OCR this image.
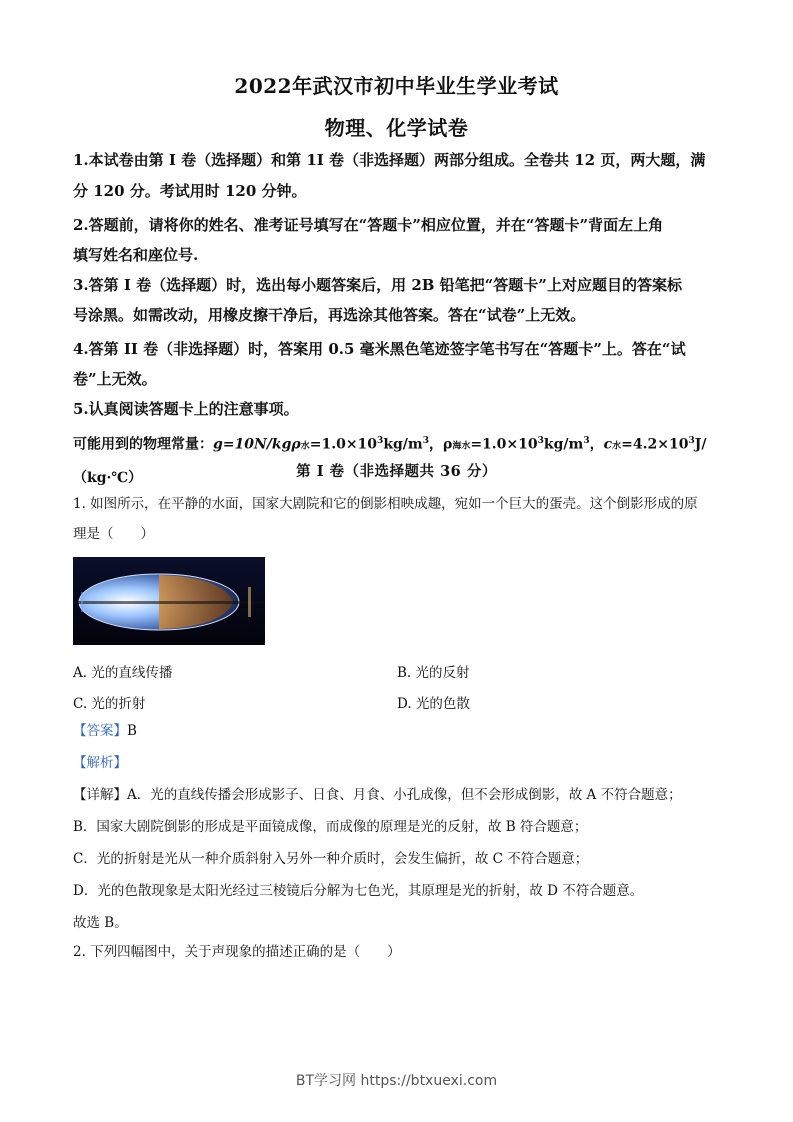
2022年武汉市初中毕业生学业考试
物理、化学试卷
1.本试卷由第 I 卷（选择题）和第 1I 卷（非选择题）两部分组成。全卷共 12 页，两大题，满
分 120 分。考试用时 120 分钟。
2.答题前，请将你的姓名、准考证号填写在“答题卡”相应位置，并在“答题卡”背面左上角
填写姓名和座位号.
3.答第 I 卷（选择题）时，选出每小题答案后，用 2B 铅笔把“答题卡”上对应题目的答案标
号涂黑。如需改动，用橡皮擦干净后，再选涂其他答案。答在“试卷”上无效。
4.答第 II 卷（非选择题）时，答案用 0.5 毫米黑色笔迹签字笔书写在“答题卡”上。答在“试
卷”上无效。
5.认真阅读答题卡上的注意事项。
可能用到的物理常量：g=10N/kgρ水$=1.0\times 10^3kg/m^3$，ρ海水$=1.0\times 10^3kg/m^3$，c水$=4.2\times 10^3J/(kg\cdot℃)$	第 I 卷（非选择题共 36 分）
1. 如图所示，在平静的水面，国家大剧院和它的倒影相映成趣，宛如一个巨大的蛋壳。这个倒影形成的原
理是（　　）
A. 光的直线传播	B. 光的反射
C. 光的折射	D. 光的色散
【答案】B
【解析】
【详解】A．光的直线传播会形成影子、日食、月食、小孔成像，但不会形成倒影，故 A 不符合题意；
B．国家大剧院倒影的形成是平面镜成像，而成像的原理是光的反射，故 B 符合题意；
C．光的折射是光从一种介质斜射入另外一种介质时，会发生偏折，故 C 不符合题意；
D．光的色散现象是太阳光经过三棱镜后分解为七色光，其原理是光的折射，故 D 不符合题意。
故选 B。
2. 下列四幅图中，关于声现象的描述正确的是（　　）
BT学习网 https://btxuexi.com
